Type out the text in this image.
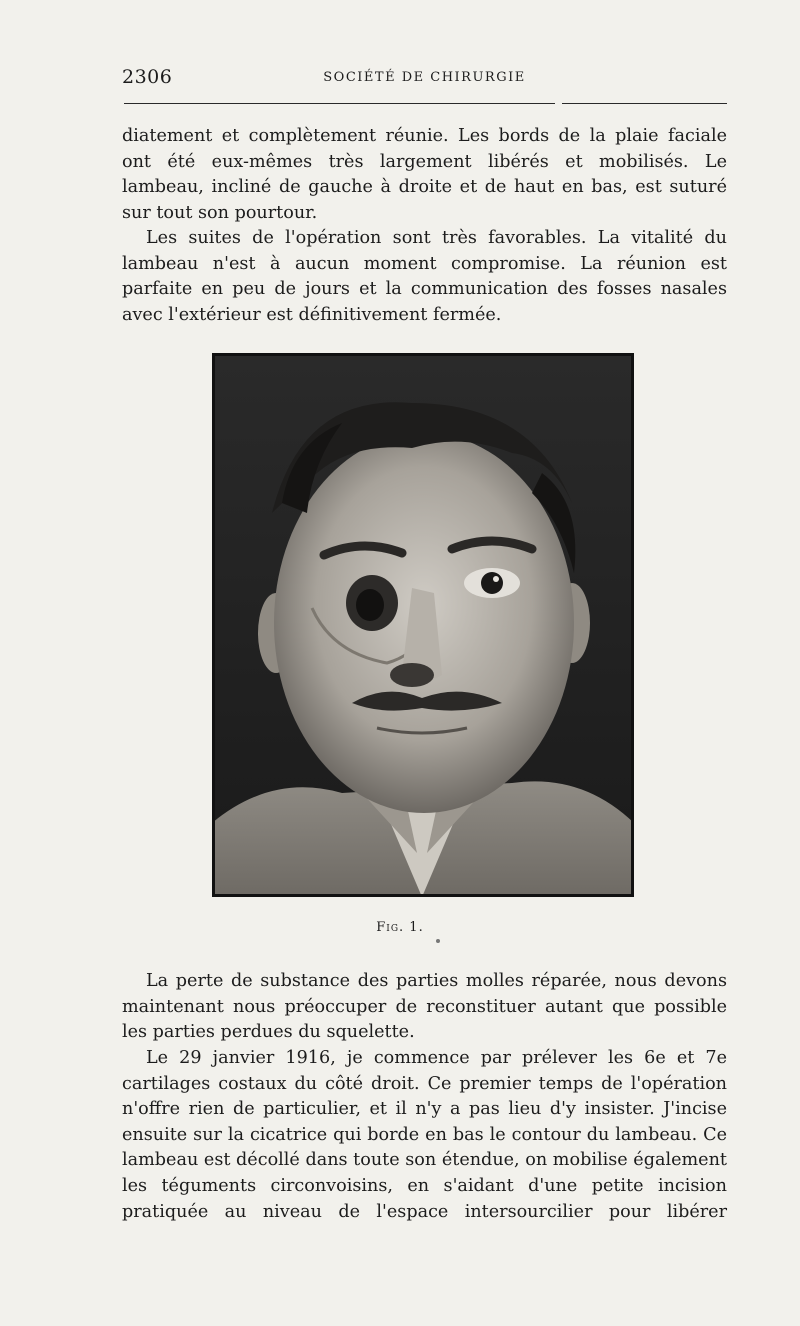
2306	SOCIÉTÉ DE CHIRURGIE

diatement et complètement réunie. Les bords de la plaie faciale ont été eux-mêmes très largement libérés et mobilisés. Le lambeau, incliné de gauche à droite et de haut en bas, est suturé sur tout son pourtour.

Les suites de l'opération sont très favorables. La vitalité du lambeau n'est à aucun moment compromise. La réunion est parfaite en peu de jours et la communication des fosses nasales avec l'extérieur est définitivement fermée.

Fig. 1.

La perte de substance des parties molles réparée, nous devons maintenant nous préoccuper de reconstituer autant que possible les parties perdues du squelette.

Le 29 janvier 1916, je commence par prélever les 6e et 7e cartilages costaux du côté droit. Ce premier temps de l'opération n'offre rien de particulier, et il n'y a pas lieu d'y insister. J'incise ensuite sur la cicatrice qui borde en bas le contour du lambeau. Ce lambeau est décollé dans toute son étendue, on mobilise également les téguments circonvoisins, en s'aidant d'une petite incision pratiquée au niveau de l'espace intersourcilier pour libérer
